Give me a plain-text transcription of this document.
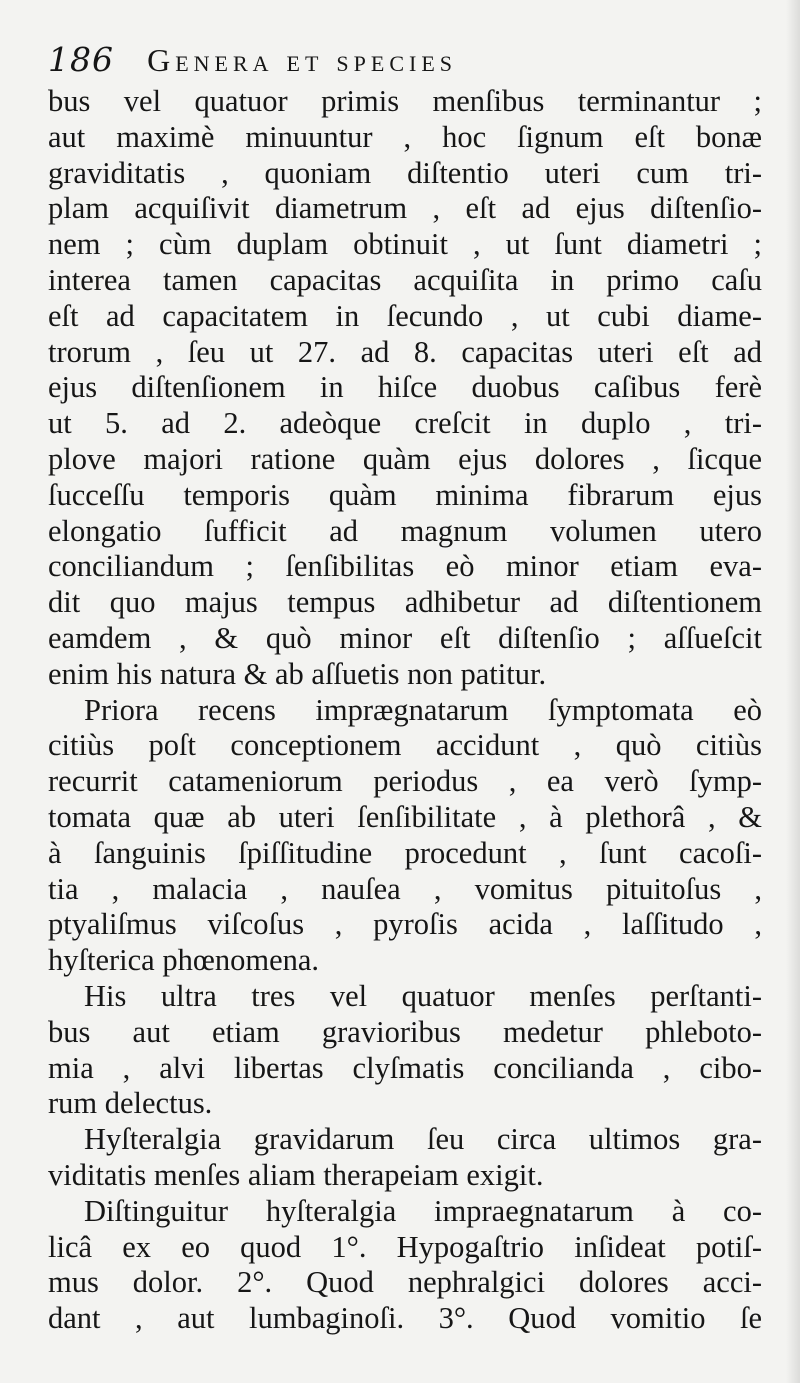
186 Genera et species
bus vel quatuor primis menſibus terminantur ;
aut maximè minuuntur , hoc ſignum eſt bonæ
graviditatis , quoniam diſtentio uteri cum tri-
plam acquiſivit diametrum , eſt ad ejus diſtenſio-
nem ; cùm duplam obtinuit , ut ſunt diametri ;
interea tamen capacitas acquiſita in primo caſu
eſt ad capacitatem in ſecundo , ut cubi diame-
trorum , ſeu ut 27. ad 8. capacitas uteri eſt ad
ejus diſtenſionem in hiſce duobus caſibus ferè
ut 5. ad 2. adeòque creſcit in duplo , tri-
plove majori ratione quàm ejus dolores , ſicque
ſucceſſu temporis quàm minima fibrarum ejus
elongatio ſufficit ad magnum volumen utero
conciliandum ; ſenſibilitas eò minor etiam eva-
dit quo majus tempus adhibetur ad diſtentionem
eamdem , & quò minor eſt diſtenſio ; aſſueſcit
enim his natura & ab aſſuetis non patitur.
Priora recens imprægnatarum ſymptomata eò
citiùs poſt conceptionem accidunt , quò citiùs
recurrit catameniorum periodus , ea verò ſymp-
tomata quæ ab uteri ſenſibilitate , à plethorâ , &
à ſanguinis ſpiſſitudine procedunt , ſunt cacoſi-
tia , malacia , nauſea , vomitus pituitoſus ,
ptyaliſmus viſcoſus , pyroſis acida , laſſitudo ,
hyſterica phœnomena.
His ultra tres vel quatuor menſes perſtanti-
bus aut etiam gravioribus medetur phleboto-
mia , alvi libertas clyſmatis concilianda , cibo-
rum delectus.
Hyſteralgia gravidarum ſeu circa ultimos gra-
viditatis menſes aliam therapeiam exigit.
Diſtinguitur hyſteralgia impraegnatarum à co-
licâ ex eo quod 1°. Hypogaſtrio inſideat potiſ-
mus dolor. 2°. Quod nephralgici dolores acci-
dant , aut lumbaginoſi. 3°. Quod vomitio ſe
